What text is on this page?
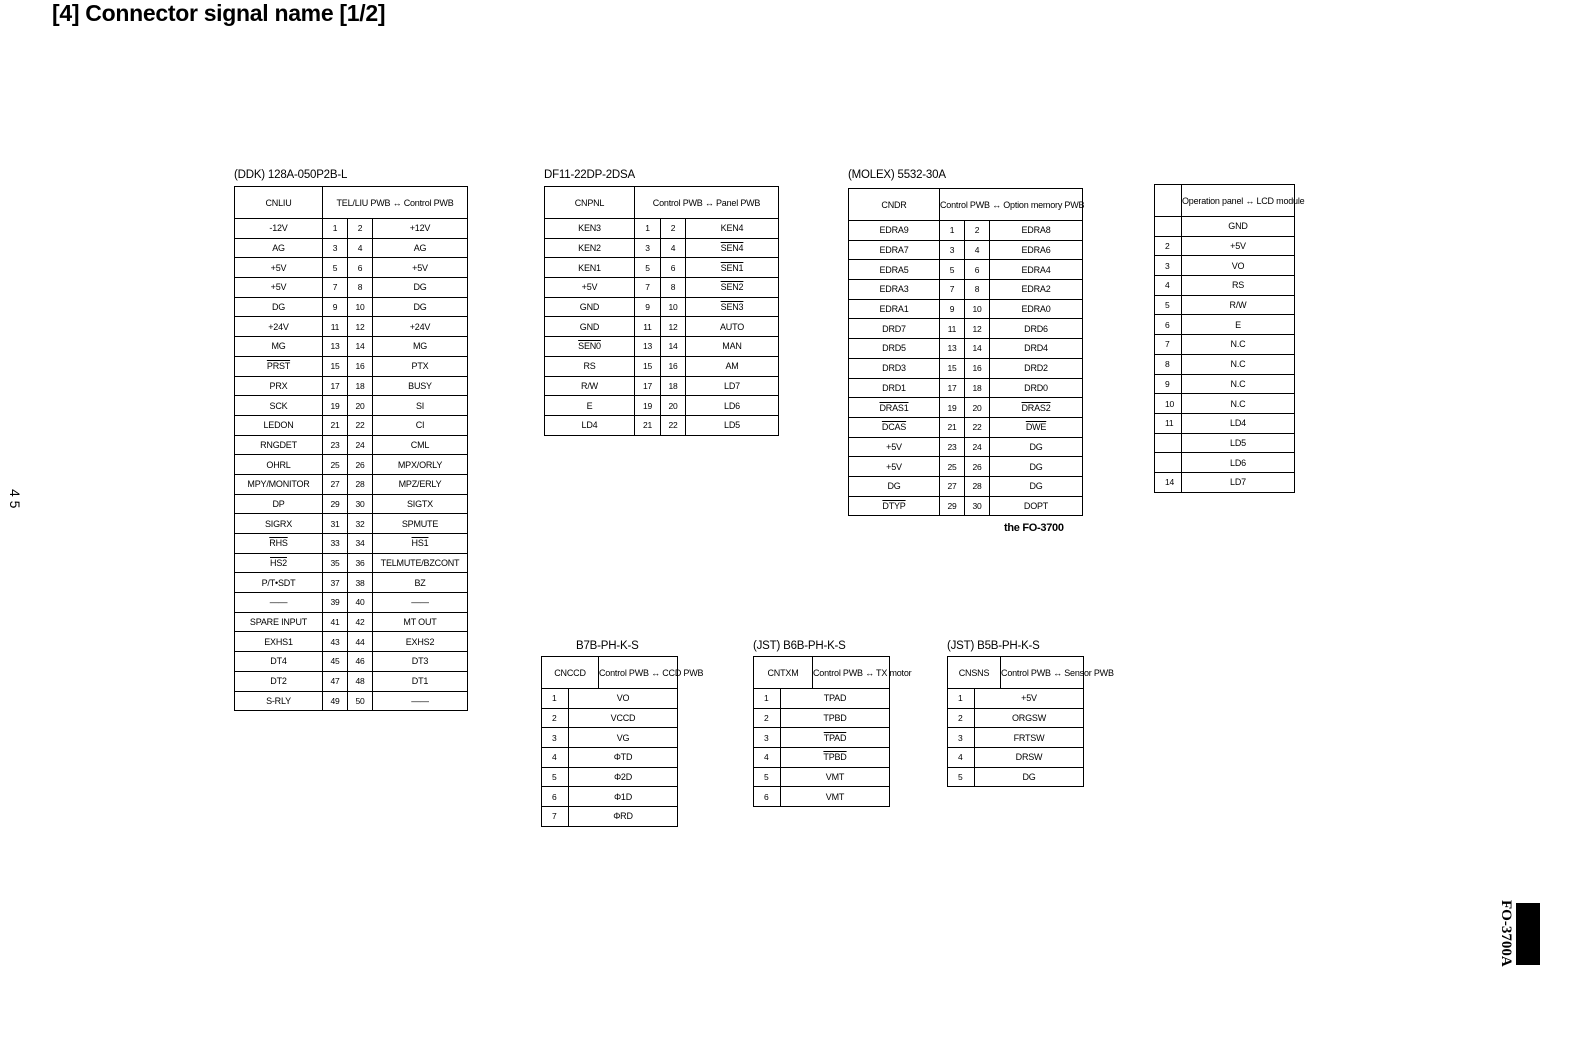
[4] Connector signal name [1/2]
4 5
FO-3700A
the FO-3700
(DDK) 128A-050P2B-L
CNLIU	TEL/LIU PWB ↔ Control PWB		
-12V	1	2	+12V
AG	3	4	AG
+5V	5	6	+5V
+5V	7	8	DG
DG	9	10	DG
+24V	11	12	+24V
MG	13	14	MG
PRST	15	16	PTX
PRX	17	18	BUSY
SCK	19	20	SI
LEDON	21	22	CI
RNGDET	23	24	CML
OHRL	25	26	MPX/ORLY
MPY/MONITOR	27	28	MPZ/ERLY
DP	29	30	SIGTX
SIGRX	31	32	SPMUTE
$\overline{RHS}$	33	34	HS1
HS2	35	36	TELMUTE/BZCONT
P/T•SDT	37	38	BZ
——	39	40	——
SPARE INPUT	41	42	MT OUT
EXHS1	43	44	EXHS2
DT4	45	46	DT3
DT2	47	48	DT1
S-RLY	49	50	——
DF11-22DP-2DSA
CNPNL	Control PWB ↔ Panel PWB		
KEN3	1	2	KEN4
KEN2	3	4	SEN4
KEN1	5	6	SEN1
+5V	7	8	SEN2
GND	9	10	SEN3
GND	11	12	AUTO
SEN0	13	14	MAN
RS	15	16	AM
R/W	17	18	LD7
E	19	20	LD6
LD4	21	22	LD5
(MOLEX) 5532-30A
CNDR	Control PWB ↔ Option memory PWB		
EDRA9	1	2	EDRA8
EDRA7	3	4	EDRA6
EDRA5	5	6	EDRA4
EDRA3	7	8	EDRA2
EDRA1	9	10	EDRA0
DRD7	11	12	DRD6
DRD5	13	14	DRD4
DRD3	15	16	DRD2
DRD1	17	18	DRD0
DRAS1	19	20	DRAS2
DCAS	21	22	$\overline{DWE}$
+5V	23	24	DG
+5V	25	26	DG
DG	27	28	DG
DTYP	29	30	DOPT
	Operation panel ↔ LCD module
	GND
2	+5V
3	VO
4	RS
5	R/W
6	E
7	N.C
8	N.C
9	N.C
10	N.C
11	LD4
	LD5
	LD6
14	LD7
B7B-PH-K-S
CNCCD		Control PWB ↔ CCD PWB
1	VO	
2	VCCD	
3	VG	
4	ΦTD	
5	Φ2D	
6	Φ1D	
7	ΦRD	
(JST) B6B-PH-K-S
CNTXM		Control PWB ↔ TX motor
1	TPAD	
2	TPBD	
3	TPAD	
4	TPBD	
5	VMT	
6	VMT	
(JST) B5B-PH-K-S
CNSNS		Control PWB ↔ Sensor PWB
1	+5V	
2	ORGSW	
3	FRTSW	
4	DRSW	
5	DG	
